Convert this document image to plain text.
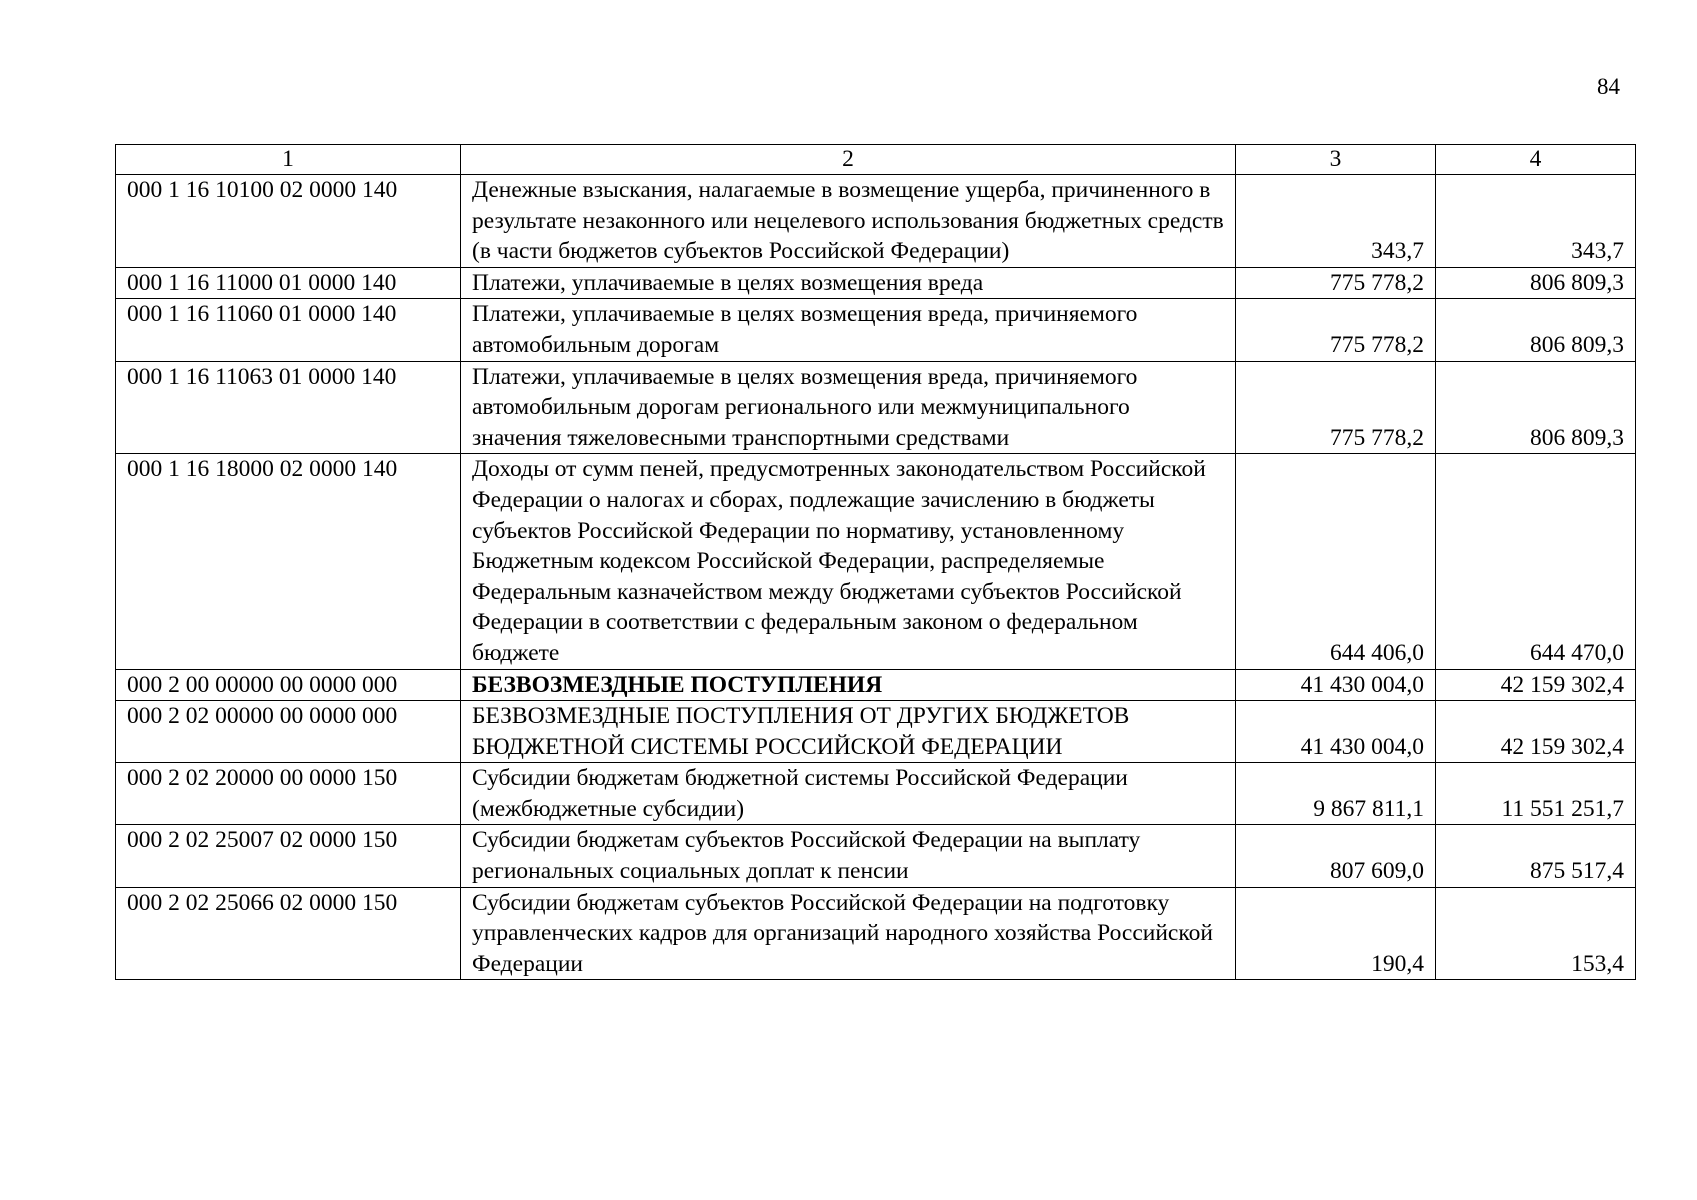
84
1	2	3	4
000 1 16 10100 02 0000 140	Денежные взыскания, налагаемые в возмещение ущерба, причиненного в результате незаконного или нецелевого использования бюджетных средств (в части бюджетов субъектов Российской Федерации)	343,7	343,7
000 1 16 11000 01 0000 140	Платежи, уплачиваемые в целях возмещения вреда	775 778,2	806 809,3
000 1 16 11060 01 0000 140	Платежи, уплачиваемые в целях возмещения вреда, причиняемого автомобильным дорогам	775 778,2	806 809,3
000 1 16 11063 01 0000 140	Платежи, уплачиваемые в целях возмещения вреда, причиняемого автомобильным дорогам регионального или межмуниципального значения тяжеловесными транспортными средствами	775 778,2	806 809,3
000 1 16 18000 02 0000 140	Доходы от сумм пеней, предусмотренных законодательством Российской Федерации о налогах и сборах, подлежащие зачислению в бюджеты субъектов Российской Федерации по нормативу, установленному Бюджетным кодексом Российской Федерации, распределяемые Федеральным казначейством между бюджетами субъектов Российской Федерации в соответствии с федеральным законом о федеральном бюджете	644 406,0	644 470,0
000 2 00 00000 00 0000 000	БЕЗВОЗМЕЗДНЫЕ ПОСТУПЛЕНИЯ	41 430 004,0	42 159 302,4
000 2 02 00000 00 0000 000	БЕЗВОЗМЕЗДНЫЕ ПОСТУПЛЕНИЯ ОТ ДРУГИХ БЮДЖЕТОВ БЮДЖЕТНОЙ СИСТЕМЫ РОССИЙСКОЙ ФЕДЕРАЦИИ	41 430 004,0	42 159 302,4
000 2 02 20000 00 0000 150	Субсидии бюджетам бюджетной системы Российской Федерации (межбюджетные субсидии)	9 867 811,1	11 551 251,7
000 2 02 25007 02 0000 150	Субсидии бюджетам субъектов Российской Федерации на выплату региональных социальных доплат к пенсии	807 609,0	875 517,4
000 2 02 25066 02 0000 150	Субсидии бюджетам субъектов Российской Федерации на подготовку управленческих кадров для организаций народного хозяйства Российской Федерации	190,4	153,4
